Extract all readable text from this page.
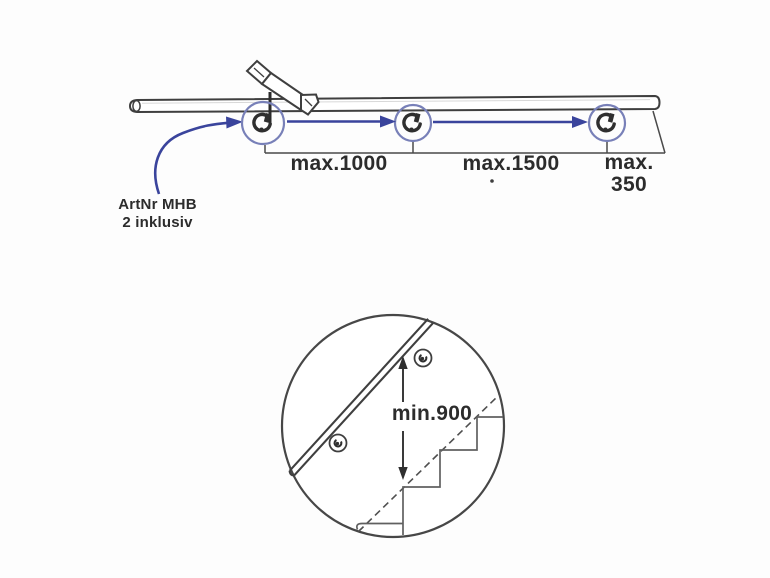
max.1000	max.1500	max.
350
ArtNr MHB
2 inklusiv
min.900
